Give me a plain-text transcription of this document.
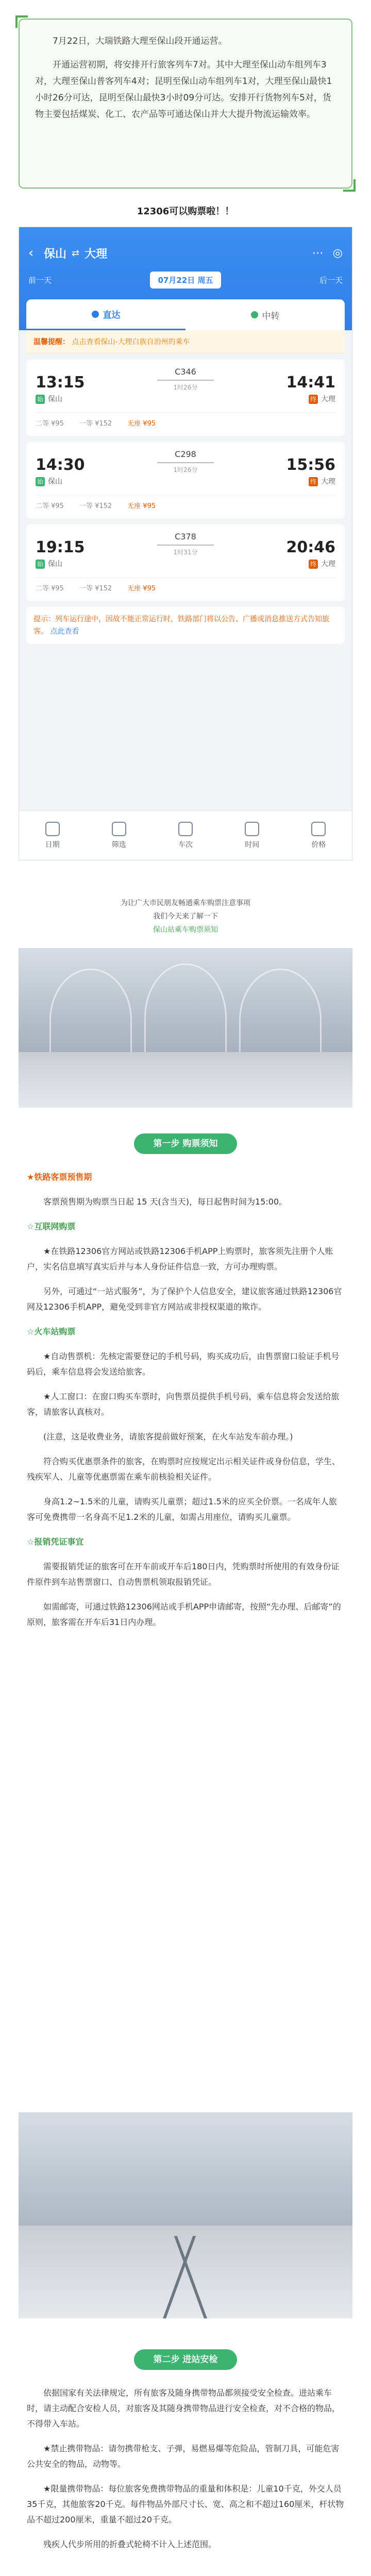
7月22日，大瑞铁路大理至保山段开通运营。

开通运营初期，将安排开行旅客列车7对。其中大理至保山动车组列车3对，大理至保山普客列车4对；昆明至保山动车组列车1对，大理至保山最快1小时26分可达，昆明至保山最快3小时09分可达。安排开行货物列车5对，货物主要包括煤炭、化工、农产品等可通达保山并大大提升物流运输效率。

12306可以购票啦！！
‹ 保山 ⇄ 大理	⋯ ◎
前一天	07月22日 周五	后一天
直达	中转
温馨提醒： 点击查看保山-大理白族自治州的乘车
13:15
C346
1时26分	14:41
始 保山	终 大理
二等 ¥95 一等 ¥152 无座 ¥95
14:30
C298
1时26分	15:56
始 保山	终 大理
二等 ¥95 一等 ¥152 无座 ¥95
19:15
C378
1时31分	20:46
始 保山	终 大理
二等 ¥95 一等 ¥152 无座 ¥95
提示：列车运行途中，因故不能正常运行时，铁路部门将以公告、广播或消息推送方式告知旅客。 点此查看
日期	筛选	车次	时间	价格
为让广大市民朋友畅通乘车购票注意事项
我们今天来了解一下
保山站乘车购票须知
第一步 购票须知

★铁路客票预售期

客票预售期为购票当日起 15 天(含当天)，每日起售时间为15:00。

☆互联网购票

★在铁路12306官方网站或铁路12306手机APP上购票时，旅客须先注册个人账户，实名信息填写真实后并与本人身份证件信息一致，方可办理购票。

另外，可通过“一站式服务”，为了保护个人信息安全，建议旅客通过铁路12306官网及12306手机APP，避免受到非官方网站或非授权渠道的欺诈。

☆火车站购票

★自动售票机：先核定需要登记的手机号码，购买成功后，由售票窗口验证手机号码后，乘车信息将会发送给旅客。

★人工窗口：在窗口购买车票时，向售票员提供手机号码，乘车信息将会发送给旅客，请旅客认真核对。

(注意，这是收费业务，请旅客提前做好预案，在火车站发车前办理。)

符合购买优惠票条件的旅客，在购票时应按规定出示相关证件或身份信息，学生、残疾军人、儿童等优惠票需在乘车前核验相关证件。

身高1.2~1.5米的儿童，请购买儿童票；超过1.5米的应买全价票。一名成年人旅客可免费携带一名身高不足1.2米的儿童，如需占用座位，请购买儿童票。

☆报销凭证事宜

需要报销凭证的旅客可在开车前或开车后180日内，凭购票时所使用的有效身份证件原件到车站售票窗口、自动售票机领取报销凭证。

如需邮寄，可通过铁路12306网站或手机APP申请邮寄，按照“先办理、后邮寄”的原则，旅客需在开车后31日内办理。

第二步 进站安检

依据国家有关法律规定，所有旅客及随身携带物品都须接受安全检查。进站乘车时，请主动配合安检人员，对旅客及其随身携带物品进行安全检查，对不合格的物品，不得带入车站。

★禁止携带物品：请勿携带枪支、子弹，易燃易爆等危险品，管制刀具，可能危害公共安全的物品，动物等。

★限量携带物品：每位旅客免费携带物品的重量和体积是：儿童10千克，外交人员35千克，其他旅客20千克。每件物品外部尺寸长、宽、高之和不超过160厘米，杆状物品不超过200厘米，重量不超过20千克。

残疾人代步所用的折叠式轮椅不计入上述范围。
